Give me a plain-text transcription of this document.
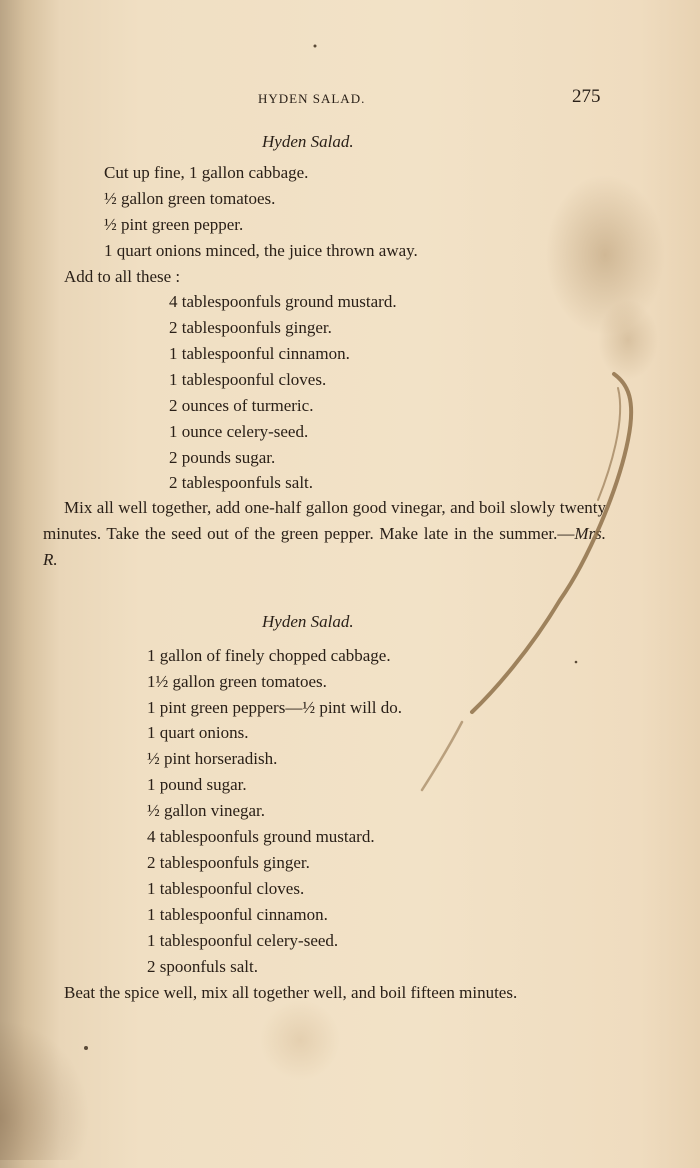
HYDEN SALAD.	275
Hyden Salad.
Cut up fine, 1 gallon cabbage.
½ gallon green tomatoes.
½ pint green pepper.
1 quart onions minced, the juice thrown away.
Add to all these :
4 tablespoonfuls ground mustard.
2 tablespoonfuls ginger.
1 tablespoonful cinnamon.
1 tablespoonful cloves.
2 ounces of turmeric.
1 ounce celery-seed.
2 pounds sugar.
2 tablespoonfuls salt.
Mix all well together, add one-half gallon good vinegar, and boil slowly twenty minutes. Take the seed out of the green pepper. Make late in the summer.—Mrs. R.
Hyden Salad.
1 gallon of finely chopped cabbage.
1½ gallon green tomatoes.
1 pint green peppers—½ pint will do.
1 quart onions.
½ pint horseradish.
1 pound sugar.
½ gallon vinegar.
4 tablespoonfuls ground mustard.
2 tablespoonfuls ginger.
1 tablespoonful cloves.
1 tablespoonful cinnamon.
1 tablespoonful celery-seed.
2 spoonfuls salt.
Beat the spice well, mix all together well, and boil fifteen minutes.
